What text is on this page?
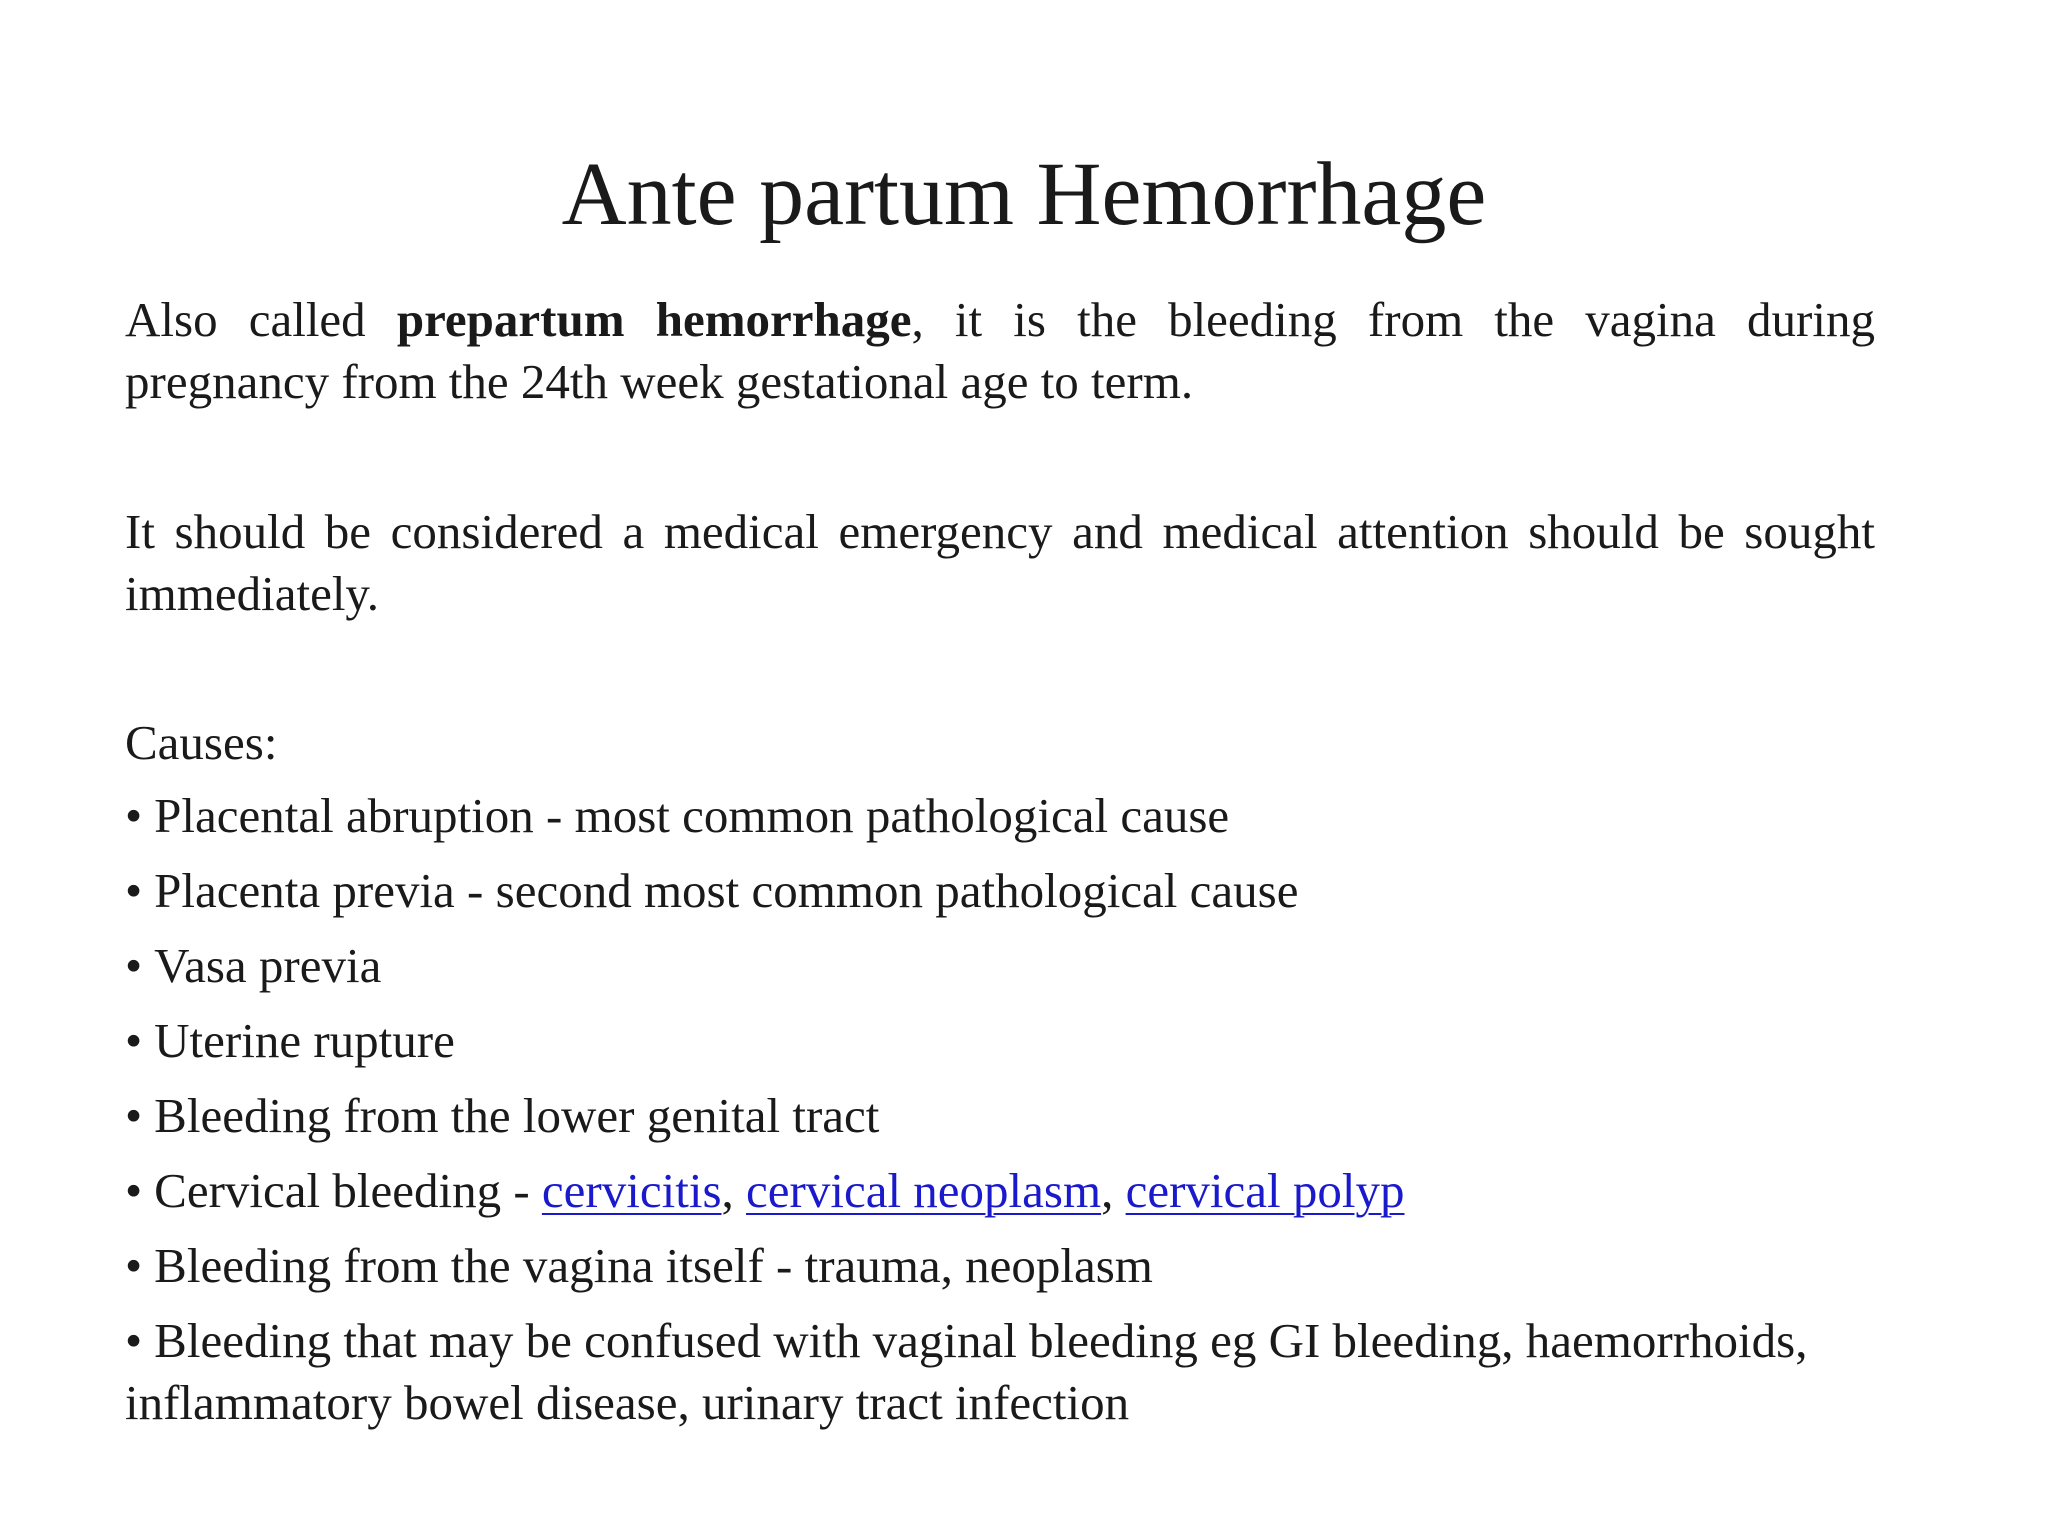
Ante partum Hemorrhage

Also called prepartum hemorrhage, it is the bleeding from the vagina during pregnancy from the 24th week gestational age to term.

It should be considered a medical emergency and medical attention should be sought immediately.

Causes:

• Placental abruption - most common pathological cause
• Placenta previa - second most common pathological cause
• Vasa previa
• Uterine rupture
• Bleeding from the lower genital tract
• Cervical bleeding - cervicitis, cervical neoplasm, cervical polyp
• Bleeding from the vagina itself - trauma, neoplasm
• Bleeding that may be confused with vaginal bleeding eg GI bleeding, haemorrhoids, inflammatory bowel disease, urinary tract infection
